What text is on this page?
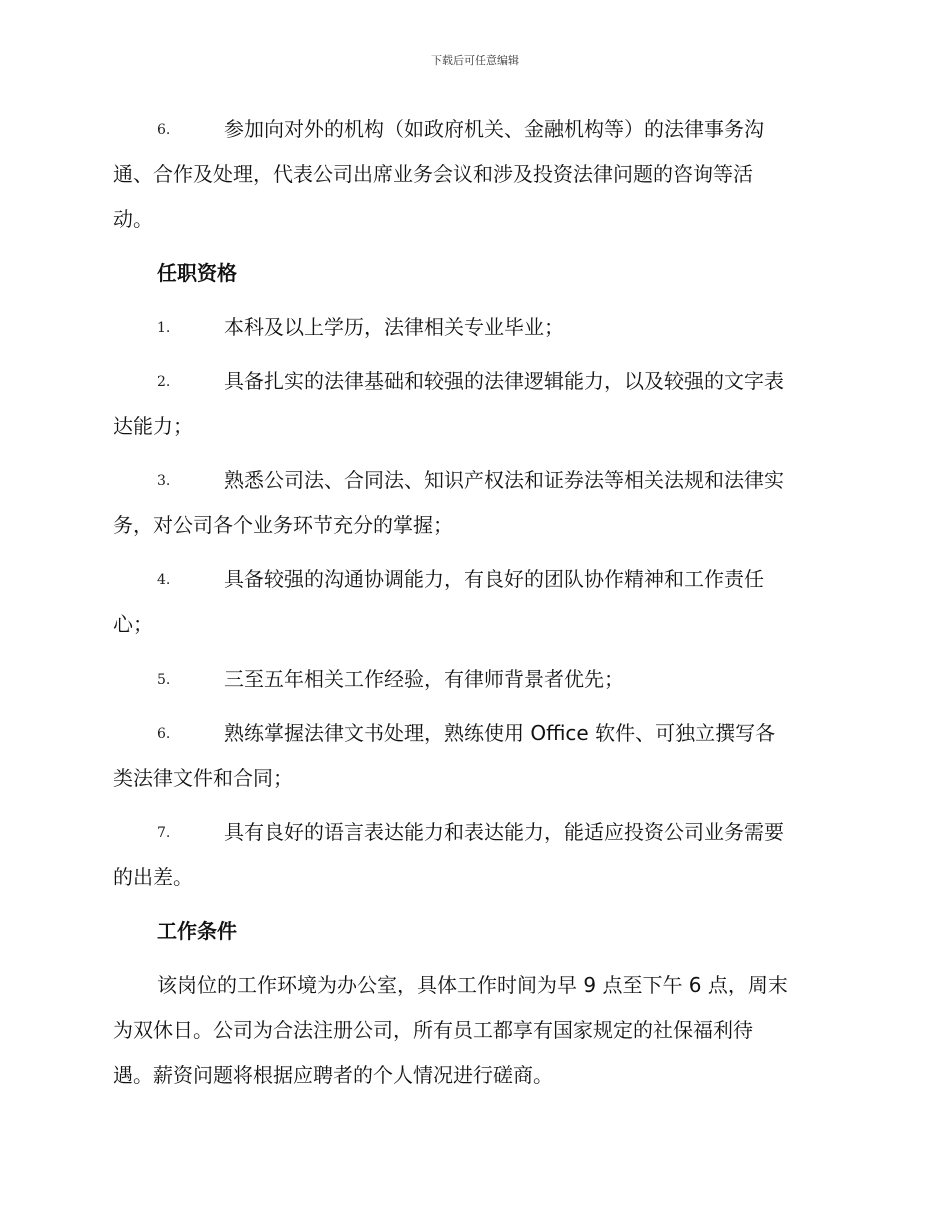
下载后可任意编辑
6.	参加向对外的机构（如政府机关、金融机构等）的法律事务沟
通、合作及处理，代表公司出席业务会议和涉及投资法律问题的咨询等活
动。
任职资格
1.	本科及以上学历，法律相关专业毕业；
2.	具备扎实的法律基础和较强的法律逻辑能力，以及较强的文字表
达能力；
3.	熟悉公司法、合同法、知识产权法和证券法等相关法规和法律实
务，对公司各个业务环节充分的掌握；
4.	具备较强的沟通协调能力，有良好的团队协作精神和工作责任
心；
5.	三至五年相关工作经验，有律师背景者优先；
6.	熟练掌握法律文书处理，熟练使用 Office 软件、可独立撰写各
类法律文件和合同；
7.	具有良好的语言表达能力和表达能力，能适应投资公司业务需要
的出差。
工作条件
该岗位的工作环境为办公室，具体工作时间为早 9 点至下午 6 点，周末
为双休日。公司为合法注册公司，所有员工都享有国家规定的社保福利待
遇。薪资问题将根据应聘者的个人情况进行磋商。
